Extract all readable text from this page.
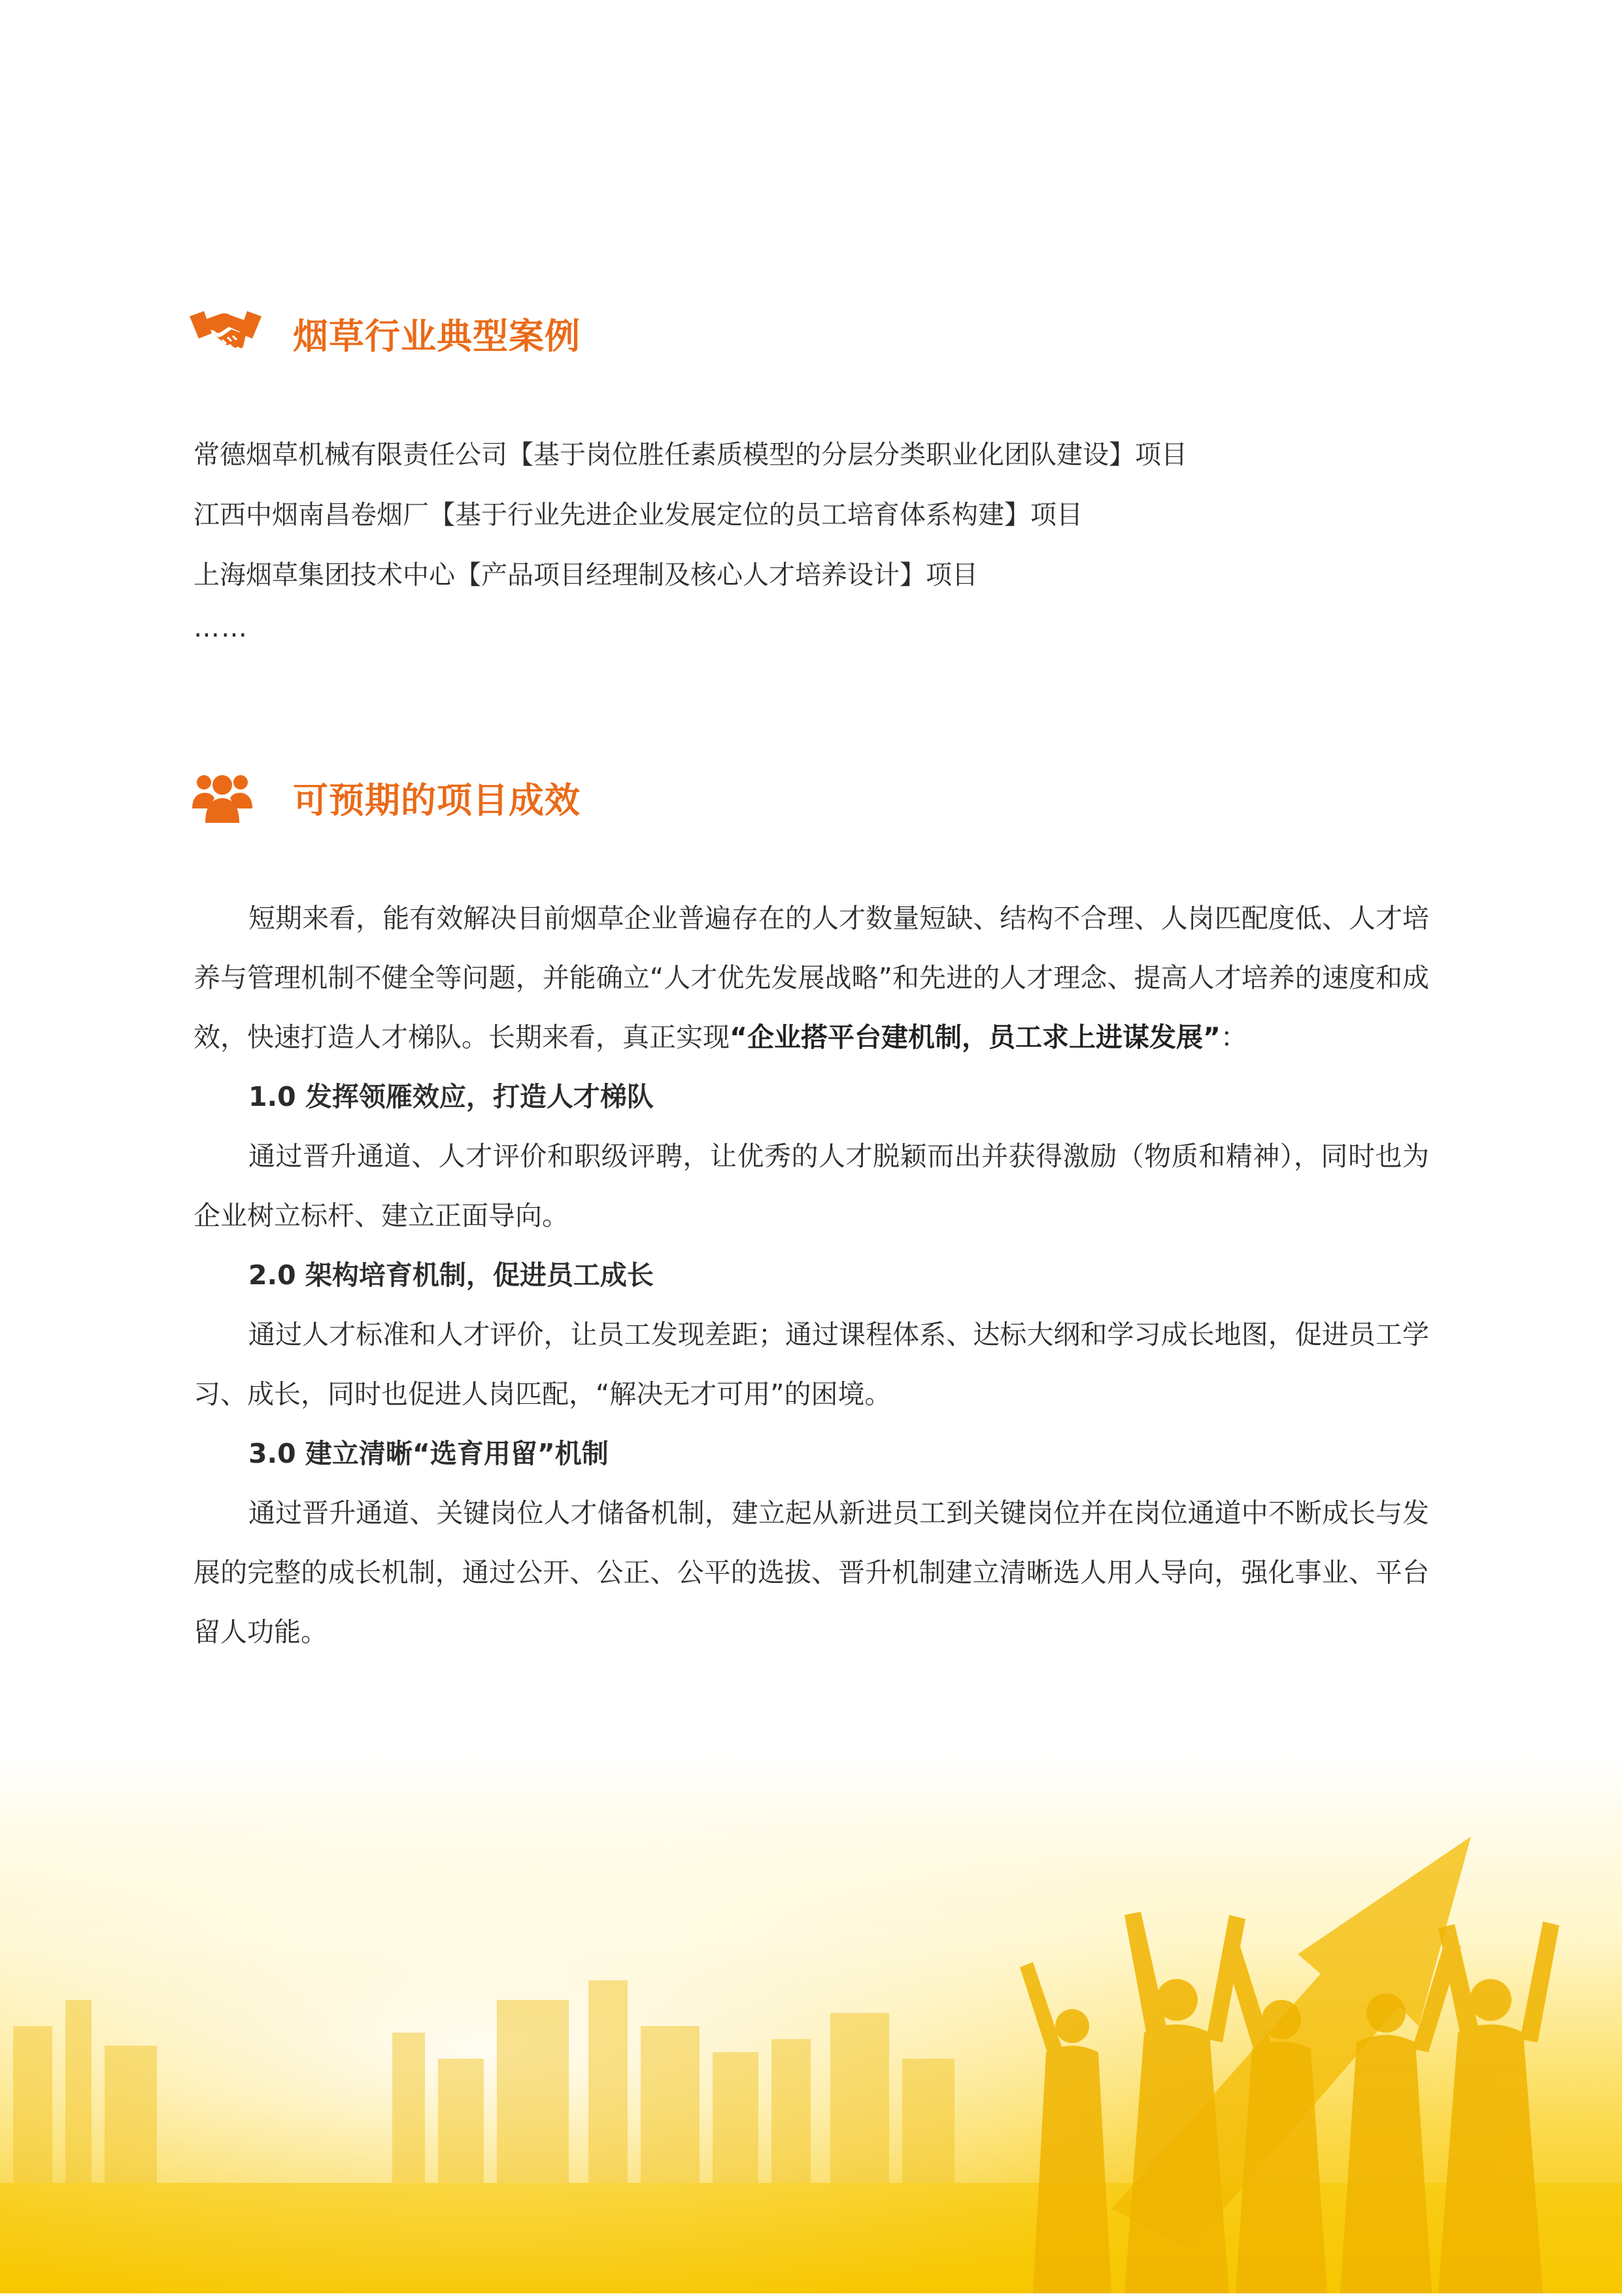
烟草行业典型案例
常德烟草机械有限责任公司【基于岗位胜任素质模型的分层分类职业化团队建设】项目
江西中烟南昌卷烟厂【基于行业先进企业发展定位的员工培育体系构建】项目
上海烟草集团技术中心【产品项目经理制及核心人才培养设计】项目
……
可预期的项目成效

短期来看，能有效解决目前烟草企业普遍存在的人才数量短缺、结构不合理、人岗匹配度低、人才培养与管理机制不健全等问题，并能确立“人才优先发展战略”和先进的人才理念、提高人才培养的速度和成效，快速打造人才梯队。长期来看，真正实现“企业搭平台建机制，员工求上进谋发展”：

1.0 发挥领雁效应，打造人才梯队

通过晋升通道、人才评价和职级评聘，让优秀的人才脱颖而出并获得激励（物质和精神），同时也为企业树立标杆、建立正面导向。

2.0 架构培育机制，促进员工成长

通过人才标准和人才评价，让员工发现差距；通过课程体系、达标大纲和学习成长地图，促进员工学习、成长，同时也促进人岗匹配，“解决无才可用”的困境。

3.0 建立清晰“选育用留”机制

通过晋升通道、关键岗位人才储备机制，建立起从新进员工到关键岗位并在岗位通道中不断成长与发展的完整的成长机制，通过公开、公正、公平的选拔、晋升机制建立清晰选人用人导向，强化事业、平台留人功能。
